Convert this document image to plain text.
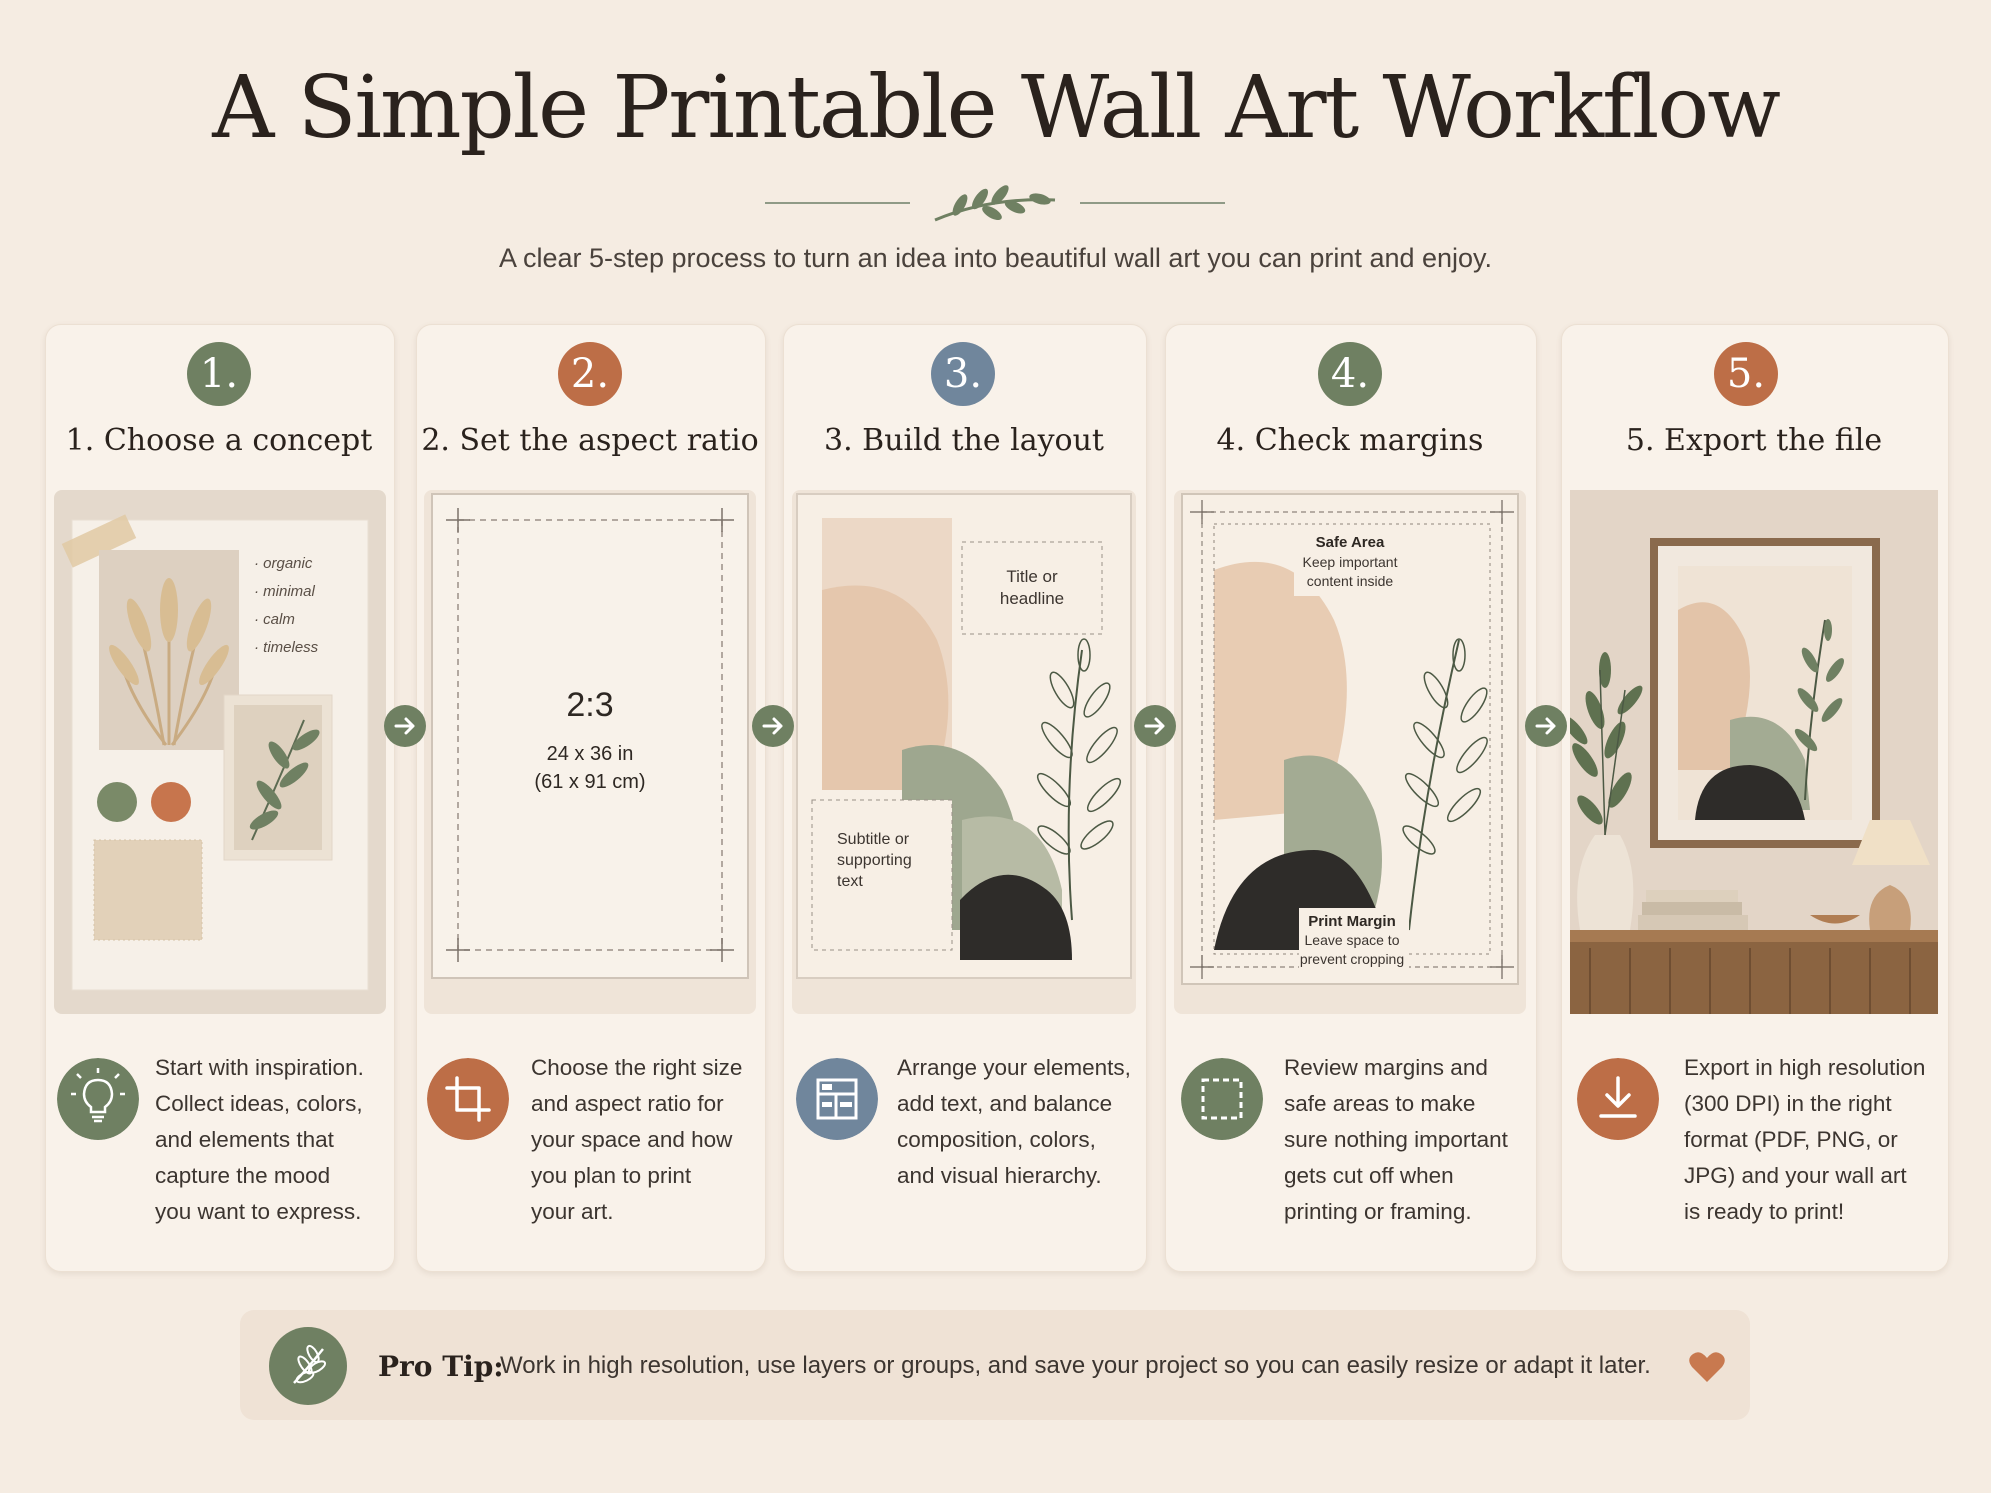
A Simple Printable Wall Art Workflow
A clear 5-step process to turn an idea into beautiful wall art you can print and enjoy.
1.	2.	3.	4.	5.
1. Choose a concept	2. Set the aspect ratio	3. Build the layout	4. Check margins	5. Export the file
· organic
· minimal
· calm
· timeless
2:3
24 x 36 in
(61 x 91 cm)
Title or
headline
Subtitle or
supporting
text
Safe Area
Keep important
content inside
Print Margin
Leave space to
prevent cropping
Start with inspiration.
Collect ideas, colors,
and elements that
capture the mood
you want to express.
Choose the right size
and aspect ratio for
your space and how
you plan to print
your art.
Arrange your elements,
add text, and balance
composition, colors,
and visual hierarchy.
Review margins and
safe areas to make
sure nothing important
gets cut off when
printing or framing.
Export in high resolution
(300 DPI) in the right
format (PDF, PNG, or
JPG) and your wall art
is ready to print!
Pro Tip:
Work in high resolution, use layers or groups, and save your project so you can easily resize or adapt it later.
